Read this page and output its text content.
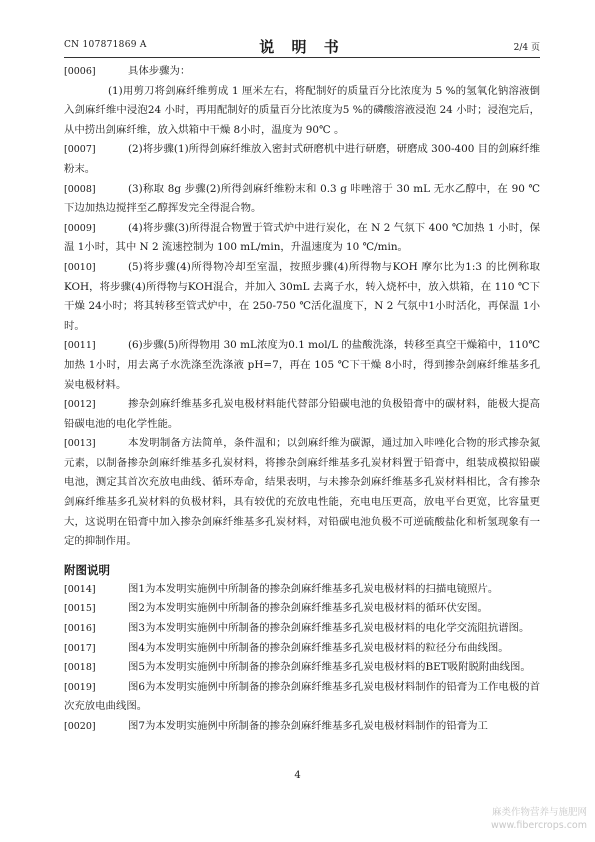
CN 107871869 A	说 明 书	2/4 页

[0006]	具体步骤为：

(1)用剪刀将剑麻纤维剪成 1 厘米左右，将配制好的质量百分比浓度为 5 %的氢氧化钠溶液倒入剑麻纤维中浸泡24 小时，再用配制好的质量百分比浓度为5 %的磷酸溶液浸泡 24 小时；浸泡完后，从中捞出剑麻纤维，放入烘箱中干燥 8小时，温度为 90℃ 。

[0007]	(2)将步骤(1)所得剑麻纤维放入密封式研磨机中进行研磨，研磨成 300-400 目的剑麻纤维粉末。

[0008]	(3)称取 8g 步骤(2)所得剑麻纤维粉末和 0.3 g 咔唑溶于 30 mL 无水乙醇中，在 90 ℃下边加热边搅拌至乙醇挥发完全得混合物。

[0009]	(4)将步骤(3)所得混合物置于管式炉中进行炭化，在 N 2 气氛下 400 ℃加热 1 小时，保温 1小时，其中 N 2 流速控制为 100 mL/min，升温速度为 10 ℃/min。

[0010]	(5)将步骤(4)所得物冷却至室温，按照步骤(4)所得物与KOH 摩尔比为1:3 的比例称取KOH，将步骤(4)所得物与KOH混合，并加入 30mL 去离子水，转入烧杯中，放入烘箱，在 110 ℃下干燥 24小时；将其转移至管式炉中，在 250-750 ℃活化温度下，N 2 气氛中1小时活化，再保温 1小时。

[0011]	(6)步骤(5)所得物用 30 mL浓度为0.1 mol/L 的盐酸洗涤，转移至真空干燥箱中，110℃加热 1小时，用去离子水洗涤至洗涤液 pH=7，再在 105 ℃下干燥 8小时，得到掺杂剑麻纤维基多孔炭电极材料。

[0012]	掺杂剑麻纤维基多孔炭电极材料能代替部分铅碳电池的负极铅膏中的碳材料，能极大提高铅碳电池的电化学性能。

[0013]	本发明制备方法简单，条件温和；以剑麻纤维为碳源，通过加入咔唑化合物的形式掺杂氮元素，以制备掺杂剑麻纤维基多孔炭材料，将掺杂剑麻纤维基多孔炭材料置于铅膏中，组装成模拟铅碳电池，测定其首次充放电曲线、循环寿命，结果表明，与未掺杂剑麻纤维基多孔炭材料相比，含有掺杂剑麻纤维基多孔炭材料的负极材料，具有较优的充放电性能，充电电压更高，放电平台更宽，比容量更大，这说明在铅膏中加入掺杂剑麻纤维基多孔炭材料，对铅碳电池负极不可逆硫酸盐化和析氢现象有一定的抑制作用。

附图说明

[0014]	图1为本发明实施例中所制备的掺杂剑麻纤维基多孔炭电极材料的扫描电镜照片。

[0015]	图2为本发明实施例中所制备的掺杂剑麻纤维基多孔炭电极材料的循环伏安图。

[0016]	图3为本发明实施例中所制备的掺杂剑麻纤维基多孔炭电极材料的电化学交流阻抗谱图。

[0017]	图4为本发明实施例中所制备的掺杂剑麻纤维基多孔炭电极材料的粒径分布曲线图。

[0018]	图5为本发明实施例中所制备的掺杂剑麻纤维基多孔炭电极材料的BET吸附脱附曲线图。

[0019]	图6为本发明实施例中所制备的掺杂剑麻纤维基多孔炭电极材料制作的铅膏为工作电极的首次充放电曲线图。

[0020]	图7为本发明实施例中所制备的掺杂剑麻纤维基多孔炭电极材料制作的铅膏为工

4
麻类作物营养与施肥网
www.fibercrops.com
